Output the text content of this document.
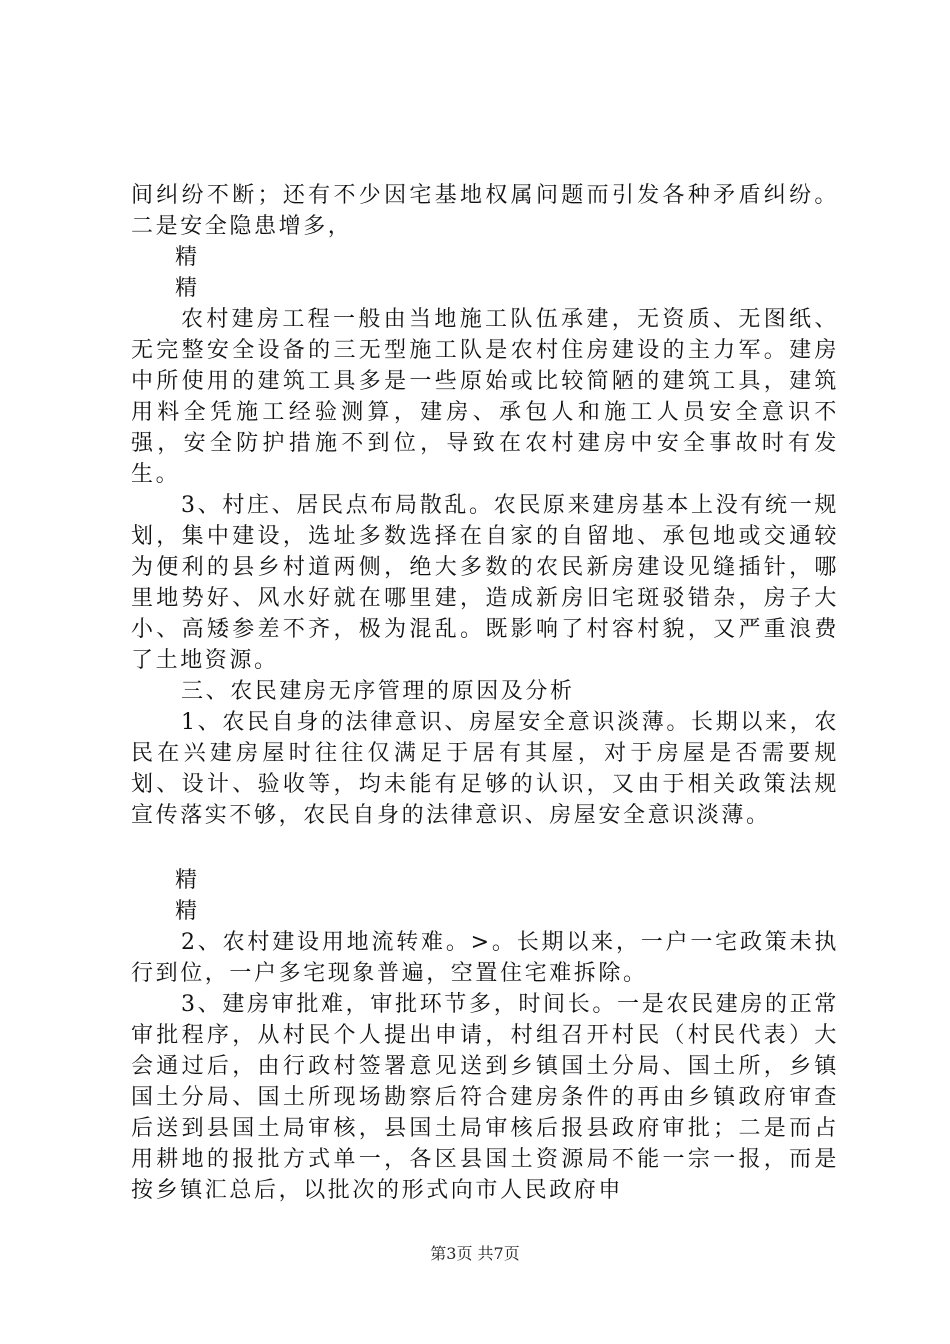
间纠纷不断；还有不少因宅基地权属问题而引发各种矛盾纠纷。二是安全隐患增多，

精

精

农村建房工程一般由当地施工队伍承建，无资质、无图纸、无完整安全设备的三无型施工队是农村住房建设的主力军。建房中所使用的建筑工具多是一些原始或比较简陋的建筑工具，建筑用料全凭施工经验测算，建房、承包人和施工人员安全意识不强，安全防护措施不到位，导致在农村建房中安全事故时有发生。

3、村庄、居民点布局散乱。农民原来建房基本上没有统一规划，集中建设，选址多数选择在自家的自留地、承包地或交通较为便利的县乡村道两侧，绝大多数的农民新房建设见缝插针，哪里地势好、风水好就在哪里建，造成新房旧宅斑驳错杂，房子大小、高矮参差不齐，极为混乱。既影响了村容村貌，又严重浪费了土地资源。

三、农民建房无序管理的原因及分析

1、农民自身的法律意识、房屋安全意识淡薄。长期以来，农民在兴建房屋时往往仅满足于居有其屋，对于房屋是否需要规划、设计、验收等，均未能有足够的认识，又由于相关政策法规宣传落实不够，农民自身的法律意识、房屋安全意识淡薄。

精

精

2、农村建设用地流转难。>。长期以来，一户一宅政策未执行到位，一户多宅现象普遍，空置住宅难拆除。

3、建房审批难，审批环节多，时间长。一是农民建房的正常审批程序，从村民个人提出申请，村组召开村民（村民代表）大会通过后，由行政村签署意见送到乡镇国土分局、国土所，乡镇国土分局、国土所现场勘察后符合建房条件的再由乡镇政府审查后送到县国土局审核，县国土局审核后报县政府审批；二是而占用耕地的报批方式单一，各区县国土资源局不能一宗一报，而是按乡镇汇总后，以批次的形式向市人民政府申

第3页 共7页
